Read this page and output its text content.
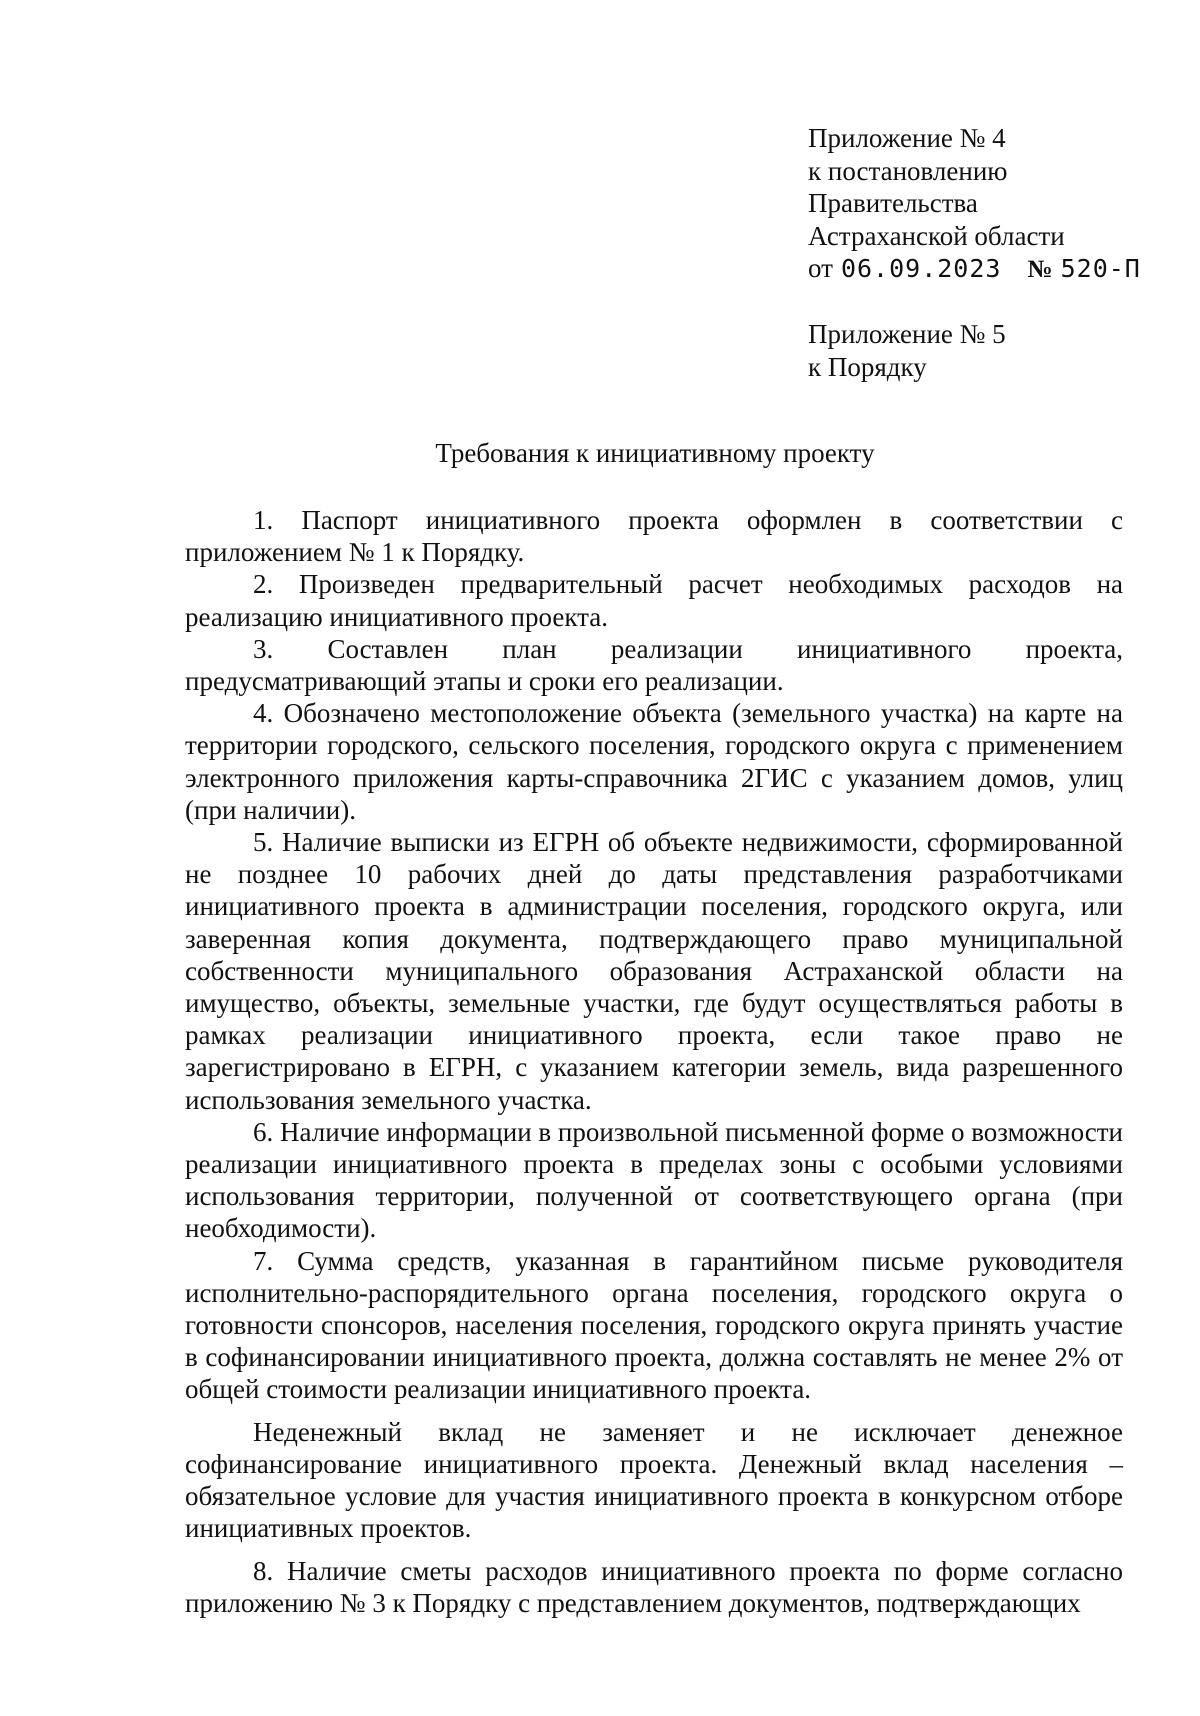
Приложение № 4
к постановлению
Правительства
Астраханской области
от 06.09.2023 № 520-П
Приложение № 5
к Порядку
Требования к инициативному проекту

1. Паспорт инициативного проекта оформлен в соответствии с приложением № 1 к Порядку.

2. Произведен предварительный расчет необходимых расходов на реализацию инициативного проекта.

3. Составлен план реализации инициативного проекта, предусматривающий этапы и сроки его реализации.

4. Обозначено местоположение объекта (земельного участка) на карте на территории городского, сельского поселения, городского округа с применением электронного приложения карты-справочника 2ГИС с указанием домов, улиц (при наличии).

5. Наличие выписки из ЕГРН об объекте недвижимости, сформированной не позднее 10 рабочих дней до даты представления разработчиками инициативного проекта в администрации поселения, городского округа, или заверенная копия документа, подтверждающего право муниципальной собственности муниципального образования Астраханской области на имущество, объекты, земельные участки, где будут осуществляться работы в рамках реализации инициативного проекта, если такое право не зарегистрировано в ЕГРН, с указанием категории земель, вида разрешенного использования земельного участка.

6. Наличие информации в произвольной письменной форме о возможности реализации инициативного проекта в пределах зоны с особыми условиями использования территории, полученной от соответствующего органа (при необходимости).

7. Сумма средств, указанная в гарантийном письме руководителя исполнительно-распорядительного органа поселения, городского округа о готовности спонсоров, населения поселения, городского округа принять участие в софинансировании инициативного проекта, должна составлять не менее 2% от общей стоимости реализации инициативного проекта.

Неденежный вклад не заменяет и не исключает денежное софинансирование инициативного проекта. Денежный вклад населения – обязательное условие для участия инициативного проекта в конкурсном отборе инициативных проектов.

8. Наличие сметы расходов инициативного проекта по форме согласно приложению № 3 к Порядку с представлением документов, подтверждающих
